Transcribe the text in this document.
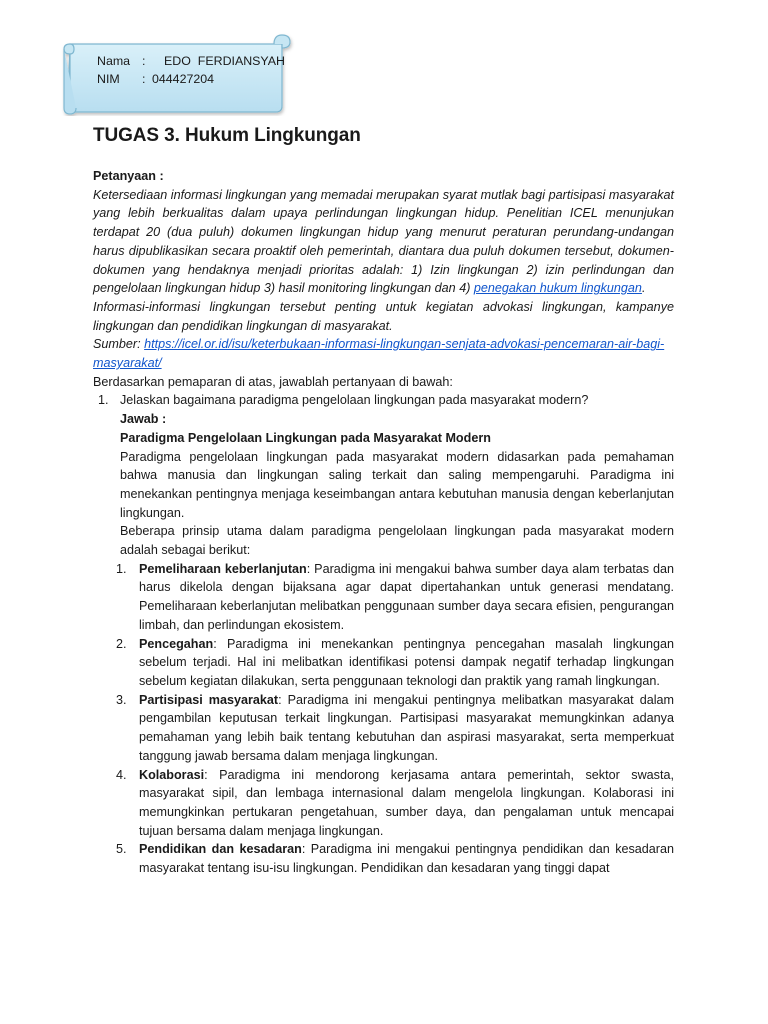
Nama :	EDO FERDIANSYAH
NIM	: 044427204
TUGAS 3. Hukum Lingkungan

Petanyaan :

Ketersediaan informasi lingkungan yang memadai merupakan syarat mutlak bagi partisipasi masyarakat yang lebih berkualitas dalam upaya perlindungan lingkungan hidup. Penelitian ICEL menunjukan terdapat 20 (dua puluh) dokumen lingkungan hidup yang menurut peraturan perundang-undangan harus dipublikasikan secara proaktif oleh pemerintah, diantara dua puluh dokumen tersebut, dokumen-dokumen yang hendaknya menjadi prioritas adalah: 1) Izin lingkungan 2) izin perlindungan dan pengelolaan lingkungan hidup 3) hasil monitoring lingkungan dan 4) penegakan hukum lingkungan.

Informasi-informasi lingkungan tersebut penting untuk kegiatan advokasi lingkungan, kampanye lingkungan dan pendidikan lingkungan di masyarakat.

Sumber: https://icel.or.id/isu/keterbukaan-informasi-lingkungan-senjata-advokasi-pencemaran-air-bagi-masyarakat/

Berdasarkan pemaparan di atas, jawablah pertanyaan di bawah:

1. Jelaskan bagaimana paradigma pengelolaan lingkungan pada masyarakat modern?

Jawab :

Paradigma Pengelolaan Lingkungan pada Masyarakat Modern

Paradigma pengelolaan lingkungan pada masyarakat modern didasarkan pada pemahaman bahwa manusia dan lingkungan saling terkait dan saling mempengaruhi. Paradigma ini menekankan pentingnya menjaga keseimbangan antara kebutuhan manusia dengan keberlanjutan lingkungan.

Beberapa prinsip utama dalam paradigma pengelolaan lingkungan pada masyarakat modern adalah sebagai berikut:

1. Pemeliharaan keberlanjutan: Paradigma ini mengakui bahwa sumber daya alam terbatas dan harus dikelola dengan bijaksana agar dapat dipertahankan untuk generasi mendatang. Pemeliharaan keberlanjutan melibatkan penggunaan sumber daya secara efisien, pengurangan limbah, dan perlindungan ekosistem.
2. Pencegahan: Paradigma ini menekankan pentingnya pencegahan masalah lingkungan sebelum terjadi. Hal ini melibatkan identifikasi potensi dampak negatif terhadap lingkungan sebelum kegiatan dilakukan, serta penggunaan teknologi dan praktik yang ramah lingkungan.
3. Partisipasi masyarakat: Paradigma ini mengakui pentingnya melibatkan masyarakat dalam pengambilan keputusan terkait lingkungan. Partisipasi masyarakat memungkinkan adanya pemahaman yang lebih baik tentang kebutuhan dan aspirasi masyarakat, serta memperkuat tanggung jawab bersama dalam menjaga lingkungan.
4. Kolaborasi: Paradigma ini mendorong kerjasama antara pemerintah, sektor swasta, masyarakat sipil, dan lembaga internasional dalam mengelola lingkungan. Kolaborasi ini memungkinkan pertukaran pengetahuan, sumber daya, dan pengalaman untuk mencapai tujuan bersama dalam menjaga lingkungan.
5. Pendidikan dan kesadaran: Paradigma ini mengakui pentingnya pendidikan dan kesadaran masyarakat tentang isu-isu lingkungan. Pendidikan dan kesadaran yang tinggi dapat
